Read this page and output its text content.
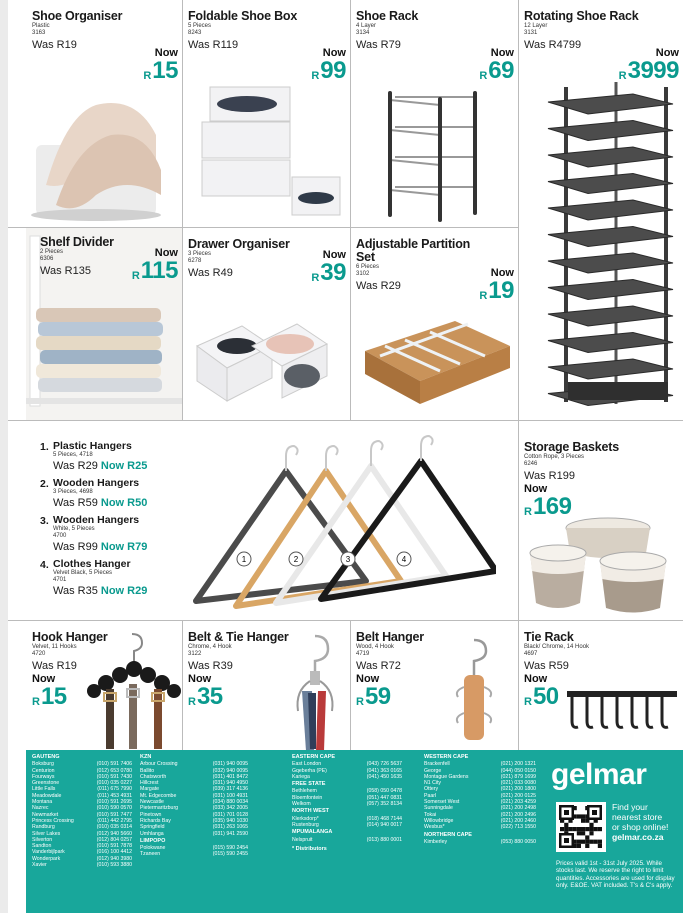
Shoe Organiser
Plastic
3163
Was R19
Now
$^R$15
Foldable Shoe Box
5 Pieces
8243
Was R119
Now
$^R$99
Shoe Rack
4 Layer
3134
Was R79
Now
$^R$69
Rotating Shoe Rack
12 Layer
3131
Was R4799
Now
$^R$3999
Shelf Divider
2 Pieces
6306
Was R135
Now
$^R$115
Drawer Organiser
3 Pieces
6278
Was R49
Now
$^R$39
Adjustable Partition
Set
6 Pieces
3102
Was R29
Now
$^R$19
1. Plastic Hangers
5 Pieces, 4718
Was R29 Now R25
2. Wooden Hangers
3 Pieces, 4698
Was R59 Now R50
3. Wooden Hangers
White, 5 Pieces
4700
Was R99 Now R79
4. Clothes Hanger
Velvet Black, 5 Pieces
4701
Was R35 Now R29
1	2	3	4
Storage Baskets
Cotton Rope, 3 Pieces
6246
Was R199
Now
$^R$169
Hook Hanger
Velvet, 11 Hooks
4720
Was R19
Now
$^R$15
Belt & Tie Hanger
Chrome, 4 Hook
3122
Was R39
Now
$^R$35
Belt Hanger
Wood, 4 Hook
4719
Was R72
Now
$^R$59
Tie Rack
Black/ Chrome, 14 Hook
4697
Was R59
Now
$^R$50
GAUTENG
Boksburg	(010) 591 7406
Centurion	(012) 653 0780
Fourways	(010) 591 7430
Greenstone	(010) 035 0227
Little Falls	(011) 675 7990
Meadowdale	(011) 453 4931
Montana	(010) 591 2695
Nazrec	(010) 590 0570
Newmarket	(010) 591 7477
Princess Crossing	(011) 442 2795
Randburg	(010) 035 0314
Silver Lakes	(012) 940 5660
Silverton	(012) 804 0257
Sandton	(010) 591 7878
Vanderbijlpark	(016) 100 4412
Wonderpark	(012) 940 3980
Xavier	(010) 593 3880
KZN
Arbour Crossing	(031) 940 0095
Ballito	(032) 940 0095
Chatsworth	(031) 401 8472
Hillcrest	(031) 940 4950
Margate	(039) 317 4136
Mt. Edgecombe	(031) 100 4931
Newcastle	(034) 880 0034
Pietermaritzburg	(033) 342 2005
Pinetown	(031) 701 0128
Richards Bay	(035) 940 1030
Springfield	(031) 263 1065
Umhlanga	(031) 941 2590
LIMPOPO
Polokwane	(015) 590 2454
Tzaneen	(015) 590 2455
EASTERN CAPE
East London	(043) 726 5637
Gqeberha (PE)	(041) 363 0165
Kariega	(041) 450 1635
FREE STATE
Bethlehem	(058) 050 0478
Bloemfontein	(051) 447 0831
Welkom	(057) 352 8134
NORTH WEST
Klerksdorp*	(018) 468 7144
Rustenburg	(014) 940 0017
MPUMALANGA
Nelspruit	(013) 880 0001
* Distributors
WESTERN CAPE
Brackenfell	(021) 200 1321
George	(044) 050 0150
Montague Gardens	(021) 879 1699
N1 City	(021) 033 0080
Ottery	(021) 200 1800
Paarl	(021) 200 0125
Somerset West	(021) 203 4259
Sunningdale	(021) 200 2498
Tokai	(021) 200 2496
Willowbridge	(021) 200 2460
Wesbus*	(022) 713 1550
NORTHERN CAPE
Kimberley	(053) 880 0050
gelmar
Find your
nearest store
or shop online!
gelmar.co.za
Prices valid 1st - 31st July 2025. While stocks last. We reserve the right to limit quantities. Accessories are used for display only. E&OE. VAT included. T's & C's apply.
